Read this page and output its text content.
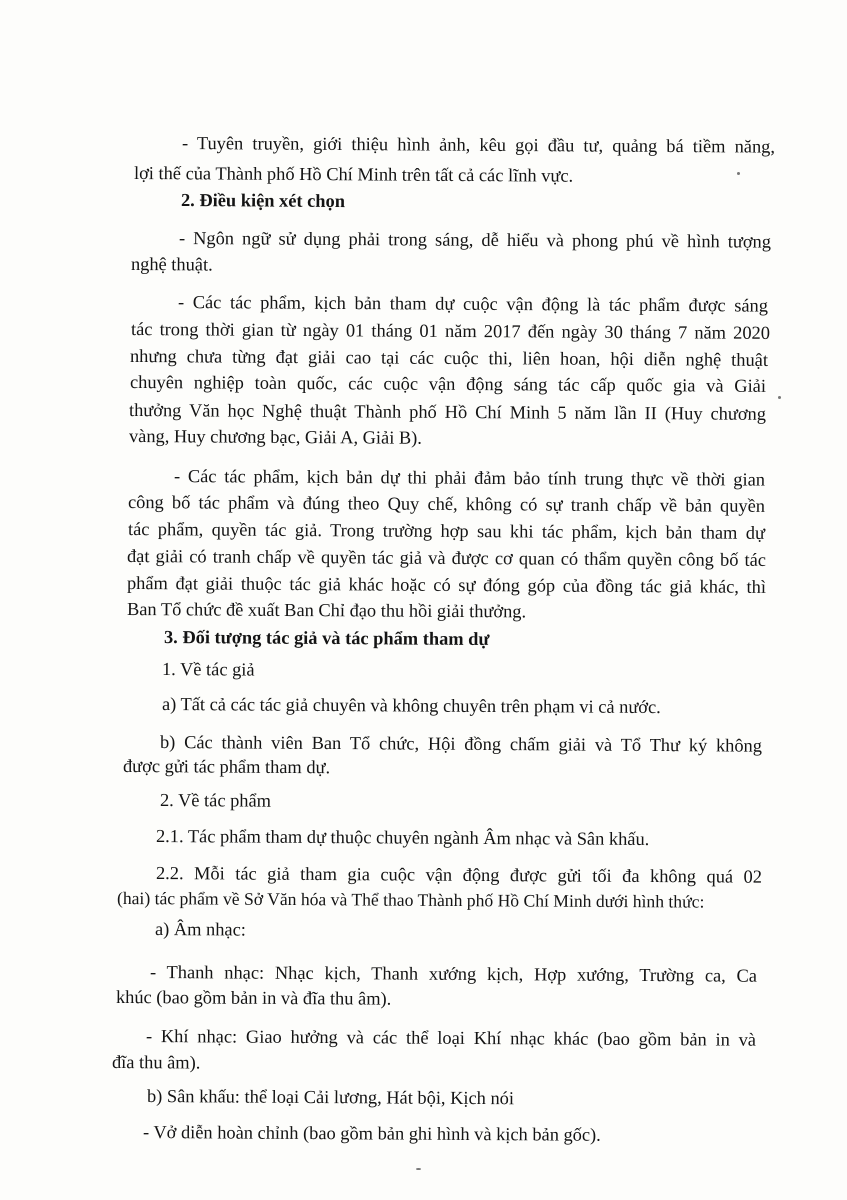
- Tuyên truyền, giới thiệu hình ảnh, kêu gọi đầu tư, quảng bá tiềm năng,

lợi thế của Thành phố Hồ Chí Minh trên tất cả các lĩnh vực.

2. Điều kiện xét chọn

- Ngôn ngữ sử dụng phải trong sáng, dễ hiểu và phong phú về hình tượng

nghệ thuật.

- Các tác phẩm, kịch bản tham dự cuộc vận động là tác phẩm được sáng

tác trong thời gian từ ngày 01 tháng 01 năm 2017 đến ngày 30 tháng 7 năm 2020

nhưng chưa từng đạt giải cao tại các cuộc thi, liên hoan, hội diễn nghệ thuật

chuyên nghiệp toàn quốc, các cuộc vận động sáng tác cấp quốc gia và Giải

thưởng Văn học Nghệ thuật Thành phố Hồ Chí Minh 5 năm lần II (Huy chương

vàng, Huy chương bạc, Giải A, Giải B).

- Các tác phẩm, kịch bản dự thi phải đảm bảo tính trung thực về thời gian

công bố tác phẩm và đúng theo Quy chế, không có sự tranh chấp về bản quyền

tác phẩm, quyền tác giả. Trong trường hợp sau khi tác phẩm, kịch bản tham dự

đạt giải có tranh chấp về quyền tác giả và được cơ quan có thẩm quyền công bố tác

phẩm đạt giải thuộc tác giả khác hoặc có sự đóng góp của đồng tác giả khác, thì

Ban Tổ chức đề xuất Ban Chỉ đạo thu hồi giải thưởng.

3. Đối tượng tác giả và tác phẩm tham dự

1. Về tác giả

a) Tất cả các tác giả chuyên và không chuyên trên phạm vi cả nước.

b) Các thành viên Ban Tổ chức, Hội đồng chấm giải và Tổ Thư ký không

được gửi tác phẩm tham dự.

2. Về tác phẩm

2.1. Tác phẩm tham dự thuộc chuyên ngành Âm nhạc và Sân khấu.

2.2. Mỗi tác giả tham gia cuộc vận động được gửi tối đa không quá 02

(hai) tác phẩm về Sở Văn hóa và Thể thao Thành phố Hồ Chí Minh dưới hình thức:

a) Âm nhạc:

- Thanh nhạc: Nhạc kịch, Thanh xướng kịch, Hợp xướng, Trường ca, Ca

khúc (bao gồm bản in và đĩa thu âm).

- Khí nhạc: Giao hưởng và các thể loại Khí nhạc khác (bao gồm bản in và

đĩa thu âm).

b) Sân khấu: thể loại Cải lương, Hát bội, Kịch nói

- Vở diễn hoàn chỉnh (bao gồm bản ghi hình và kịch bản gốc).
